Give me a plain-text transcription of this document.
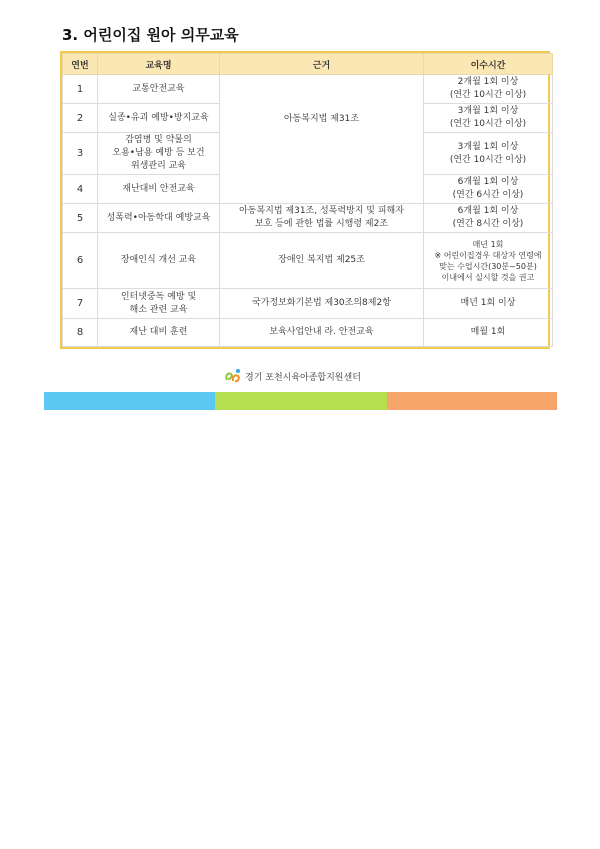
3. 어린이집 원아 의무교육
연번	교육명	근거	이수시간
1	교통안전교육	아동복지법 제31조	2개월 1회 이상
(연간 10시간 이상)
2	실종•유괴 예방•방지교육		3개월 1회 이상
(연간 10시간 이상)
3	감염병 및 약물의
오용•남용 예방 등 보건
위생관리 교육		3개월 1회 이상
(연간 10시간 이상)
4	재난대비 안전교육		6개월 1회 이상
(연간 6시간 이상)
5	성폭력•아동학대 예방교육	아동복지법 제31조, 성폭력방지 및 피해자
보호 등에 관한 법률 시행령 제2조	6개월 1회 이상
(연간 8시간 이상)
6	장애인식 개선 교육	장애인 복지법 제25조	매년 1회
※ 어린이집경우 대상자 연령에
맞는 수업시간(30분~50분)
이내에서 실시할 것을 권고
7	인터넷중독 예방 및
해소 관련 교육	국가정보화기본법 제30조의8제2항	매년 1회 이상
8	재난 대비 훈련	보육사업안내 라. 안전교육	매월 1회
경기 포천시육아종합지원센터
